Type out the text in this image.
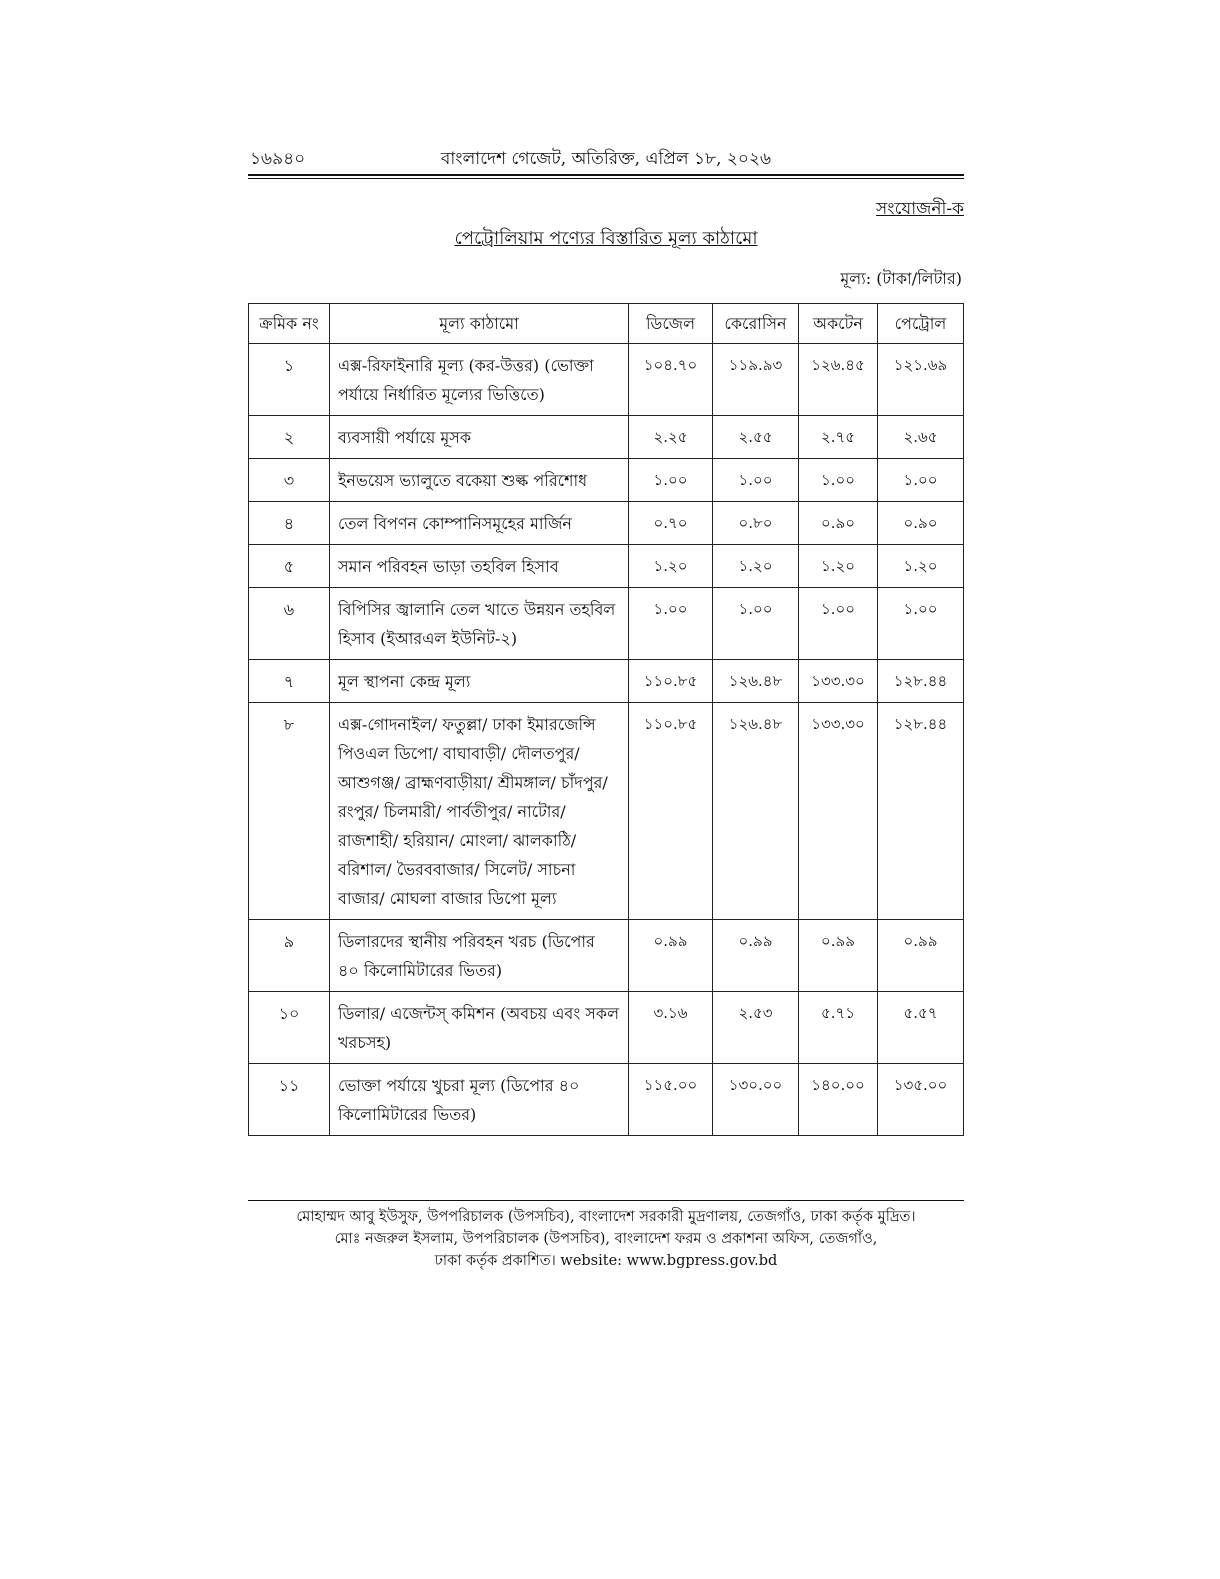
১৬৯৪০	বাংলাদেশ গেজেট, অতিরিক্ত, এপ্রিল ১৮, ২০২৬
সংযোজনী-ক
পেট্রোলিয়াম পণ্যের বিস্তারিত মূল্য কাঠামো
মূল্য: (টাকা/লিটার)
ক্রমিক নং	মূল্য কাঠামো	ডিজেল	কেরোসিন	অকটেন	পেট্রোল
১	এক্স-রিফাইনারি মূল্য (কর-উত্তর) (ভোক্তা পর্যায়ে নির্ধারিত মূল্যের ভিত্তিতে)	১০৪.৭০	১১৯.৯৩	১২৬.৪৫	১২১.৬৯
২	ব্যবসায়ী পর্যায়ে মূসক	২.২৫	২.৫৫	২.৭৫	২.৬৫
৩	ইনভয়েস ভ্যালুতে বকেয়া শুল্ক পরিশোধ	১.০০	১.০০	১.০০	১.০০
৪	তেল বিপণন কোম্পানিসমূহের মার্জিন	০.৭০	০.৮০	০.৯০	০.৯০
৫	সমান পরিবহন ভাড়া তহবিল হিসাব	১.২০	১.২০	১.২০	১.২০
৬	বিপিসির জ্বালানি তেল খাতে উন্নয়ন তহবিল হিসাব (ইআরএল ইউনিট-২)	১.০০	১.০০	১.০০	১.০০
৭	মূল স্থাপনা কেন্দ্র মূল্য	১১০.৮৫	১২৬.৪৮	১৩৩.৩০	১২৮.৪৪
৮	এক্স-গোদনাইল/ ফতুল্লা/ ঢাকা ইমারজেন্সি পিওএল ডিপো/ বাঘাবাড়ী/ দৌলতপুর/ আশুগঞ্জ/ ব্রাহ্মণবাড়ীয়া/ শ্রীমঙ্গাল/ চাঁদপুর/ রংপুর/ চিলমারী/ পার্বতীপুর/ নাটোর/ রাজশাহী/ হরিয়ান/ মোংলা/ ঝালকাঠি/ বরিশাল/ ভৈরববাজার/ সিলেট/ সাচনা বাজার/ মোঘলা বাজার ডিপো মূল্য	১১০.৮৫	১২৬.৪৮	১৩৩.৩০	১২৮.৪৪
৯	ডিলারদের স্থানীয় পরিবহন খরচ (ডিপোর ৪০ কিলোমিটারের ভিতর)	০.৯৯	০.৯৯	০.৯৯	০.৯৯
১০	ডিলার/ এজেন্টস্ কমিশন (অবচয় এবং সকল খরচসহ)	৩.১৬	২.৫৩	৫.৭১	৫.৫৭
১১	ভোক্তা পর্যায়ে খুচরা মূল্য (ডিপোর ৪০ কিলোমিটারের ভিতর)	১১৫.০০	১৩০.০০	১৪০.০০	১৩৫.০০
মোহাম্মদ আবু ইউসুফ, উপপরিচালক (উপসচিব), বাংলাদেশ সরকারী মুদ্রণালয়, তেজগাঁও, ঢাকা কর্তৃক মুদ্রিত।
মোঃ নজরুল ইসলাম, উপপরিচালক (উপসচিব), বাংলাদেশ ফরম ও প্রকাশনা অফিস, তেজগাঁও,
ঢাকা কর্তৃক প্রকাশিত। website: www.bgpress.gov.bd
